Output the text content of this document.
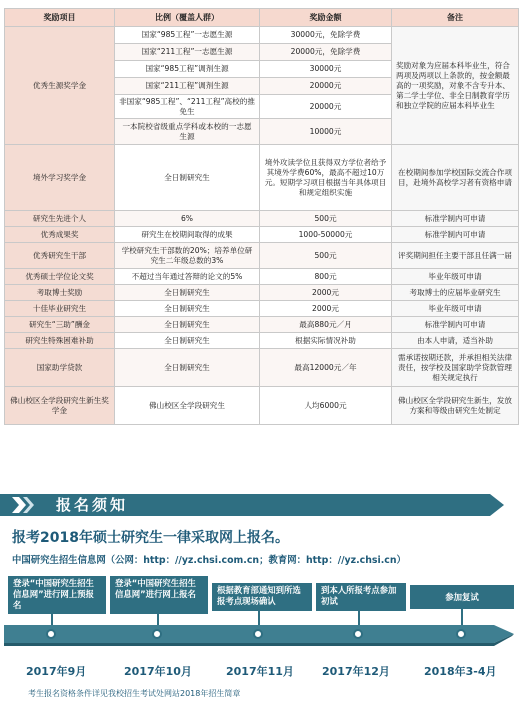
奖励项目	比例（覆盖人群）	奖励金额	备注
优秀生源奖学金	国家“985工程”一志愿生源	30000元，免除学费	奖励对象为应届本科毕业生，符合两项及两项以上条款的，按金额最高的一项奖励，对象不含专升本、第二学士学位、非全日制教育学历和独立学院的应届本科毕业生
	国家“211工程”一志愿生源	20000元，免除学费	
	国家“985工程”调剂生源	30000元	
	国家“211工程”调剂生源	20000元	
	非国家“985工程”、“211工程”高校的推免生	20000元	
	一本院校省级重点学科或本校的一志愿生源	10000元	
境外学习奖学金	全日制研究生	境外攻读学位且获得双方学位者给予其境外学费60%，最高不超过10万元。短期学习项目根据当年具体项目和规定组织实施	在校期间参加学校国际交流合作项目，赴境外高校学习者有资格申请
研究生先进个人	6%	500元	标准学制内可申请
优秀成果奖	研究生在校期间取得的成果	1000-50000元	标准学制内可申请
优秀研究生干部	学校研究生干部数的20%；培养单位研究生二年级总数的3%	500元	评奖期间担任主要干部且任满一届
优秀硕士学位论文奖	不超过当年通过答辩的论文的5%	800元	毕业年级可申请
考取博士奖励	全日制研究生	2000元	考取博士的应届毕业研究生
十佳毕业研究生	全日制研究生	2000元	毕业年级可申请
研究生“三助”酬金	全日制研究生	最高880元／月	标准学制内可申请
研究生特殊困难补助	全日制研究生	根据实际情况补助	由本人申请，适当补助
国家助学贷款	全日制研究生	最高12000元／年	需承诺按期还款，并承担相关法律责任，按学校及国家助学贷款管理相关规定执行
佛山校区全学段研究生新生奖学金	佛山校区全学段研究生	人均6000元	佛山校区全学段研究生新生，发放方案和等级由研究生处制定
报名须知
报考2018年硕士研究生一律采取网上报名。
中国研究生招生信息网（公网：http：//yz.chsi.com.cn；教育网：http：//yz.chsi.cn）
登录“中国研究生招生信息网”进行网上预报名
登录“中国研究生招生信息网”进行网上报名	根据教育部通知到所选报考点现场确认
到本人所报考点参加初试	参加复试
2017年9月	2017年10月	2017年11月	2017年12月	2018年3-4月
考生报名资格条件详见我校招生考试处网站2018年招生简章
